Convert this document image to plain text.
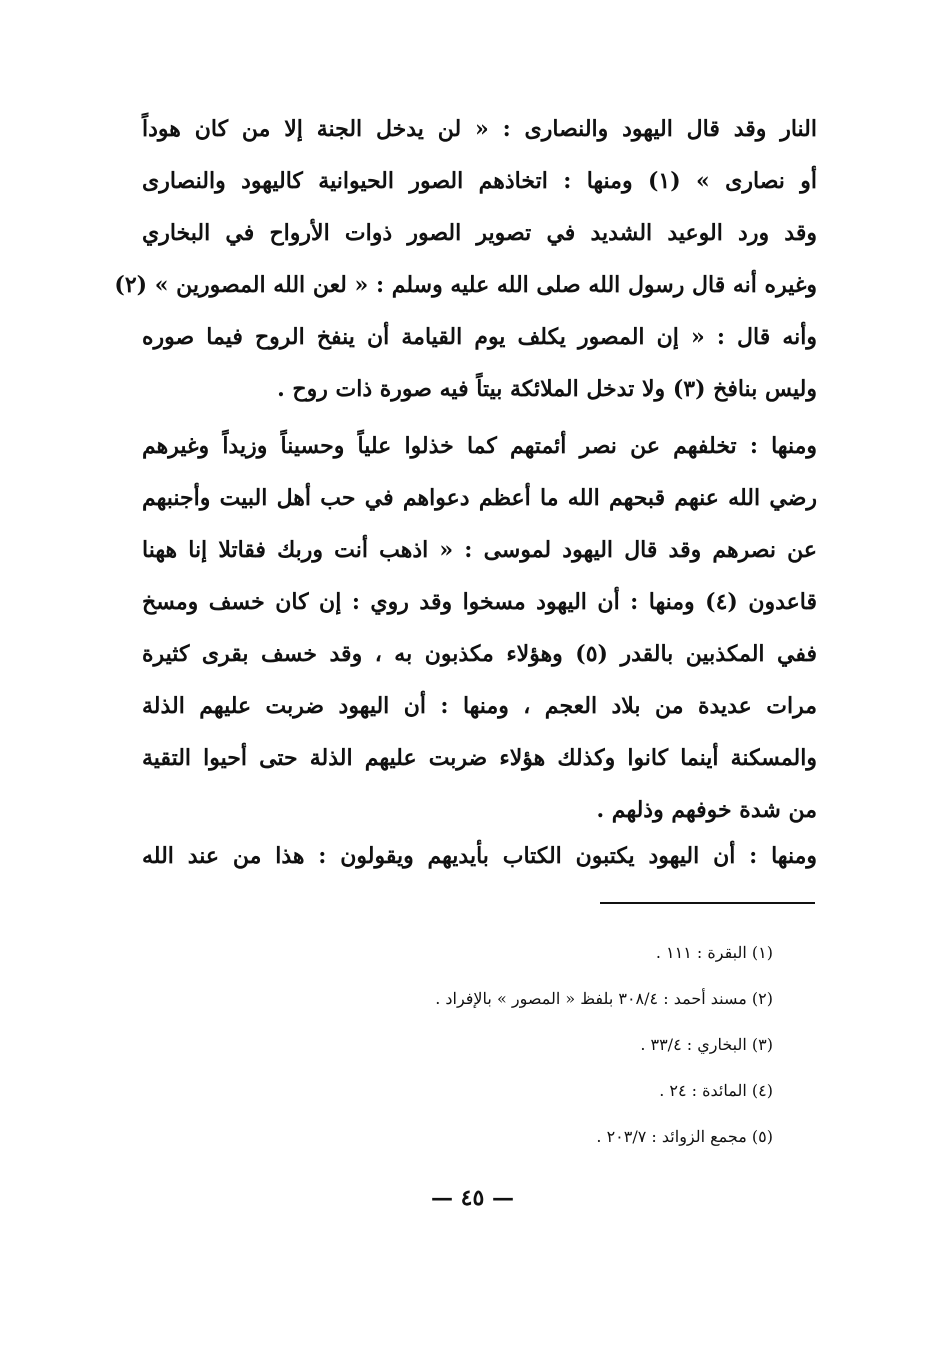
النار وقد قال اليهود والنصارى : « لن يدخل الجنة إلا من كان هوداً
أو نصارى » (١) ومنها : اتخاذهم الصور الحيوانية كاليهود والنصارى
وقد ورد الوعيد الشديد في تصوير الصور ذوات الأرواح في البخاري
وغيره أنه قال رسول الله صلى الله عليه وسلم : « لعن الله المصورين » (٢)
وأنه قال : « إن المصور يكلف يوم القيامة أن ينفخ الروح فيما صوره
وليس بنافخ (٣) ولا تدخل الملائكة بيتاً فيه صورة ذات روح .
ومنها : تخلفهم عن نصر أئمتهم كما خذلوا علياً وحسيناً وزيداً وغيرهم
رضي الله عنهم قبحهم الله ما أعظم دعواهم في حب أهل البيت وأجنبهم
عن نصرهم وقد قال اليهود لموسى : « اذهب أنت وربك فقاتلا إنا ههنا
قاعدون (٤) ومنها : أن اليهود مسخوا وقد روي : إن كان خسف ومسخ
ففي المكذبين بالقدر (٥) وهؤلاء مكذبون به ، وقد خسف بقرى كثيرة
مرات عديدة من بلاد العجم ، ومنها : أن اليهود ضربت عليهم الذلة
والمسكنة أينما كانوا وكذلك هؤلاء ضربت عليهم الذلة حتى أحيوا التقية
من شدة خوفهم وذلهم .
ومنها : أن اليهود يكتبون الكتاب بأيديهم ويقولون : هذا من عند الله
(١) البقرة : ١١١ .
(٢) مسند أحمد : ٣٠٨/٤ بلفظ « المصور » بالإفراد .
(٣) البخاري : ٣٣/٤ .
(٤) المائدة : ٢٤ .
(٥) مجمع الزوائد : ٢٠٣/٧ .
— ٤٥ —
